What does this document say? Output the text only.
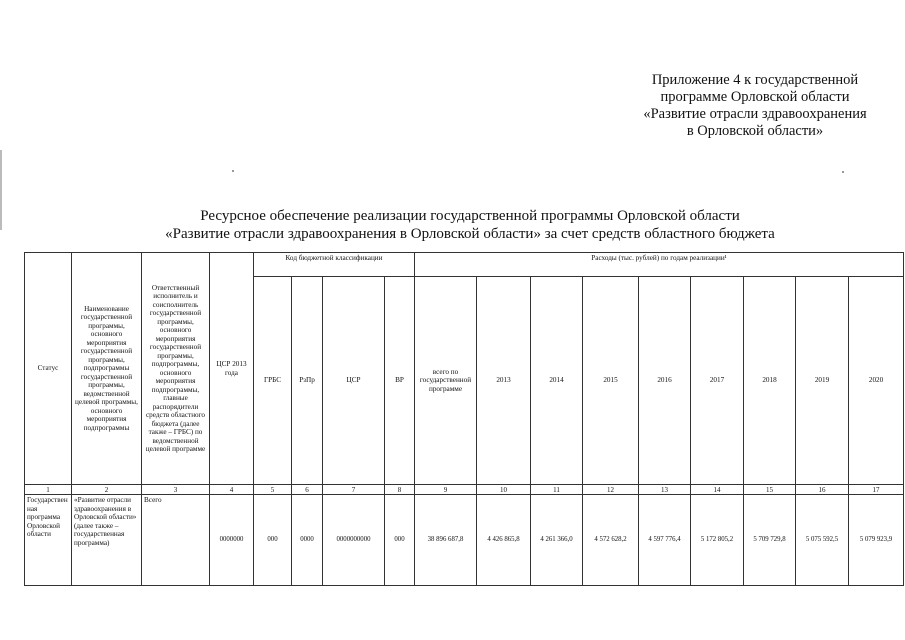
Приложение 4 к государственной
программе Орловской области
«Развитие отрасли здравоохранения
в Орловской области»
Ресурсное обеспечение реализации государственной программы Орловской области
«Развитие отрасли здравоохранения в Орловской области» за счет средств областного бюджета
Статус	Наименование государственной программы, основного мероприятия государственной программы, подпрограммы государственной программы, ведомственной целевой программы, основного мероприятия подпрограммы	Ответственный исполнитель и соисполнитель государственной программы, основного мероприятия государственной программы, подпрограммы, основного мероприятия подпрограммы, главные распорядители средств областного бюджета (далее также – ГРБС) по ведомственной целевой программе	ЦСР 2013 года	Код бюджетной классификации				Расходы (тыс. рублей) по годам реализации¹								
				ГРБС	РзПр	ЦСР	ВР	всего по государственной программе	2013	2014	2015	2016	2017	2018	2019	2020
1	2	3	4	5	6	7	8	9	10	11	12	13	14	15	16	17
Государственная программа Орловской области	«Развитие отрасли здравоохранения в Орловской области» (далее также – государственная программа)	Всего	0000000	000	0000	0000000000	000	38 896 687,8	4 426 865,8	4 261 366,0	4 572 628,2	4 597 776,4	5 172 805,2	5 709 729,8	5 075 592,5	5 079 923,9
